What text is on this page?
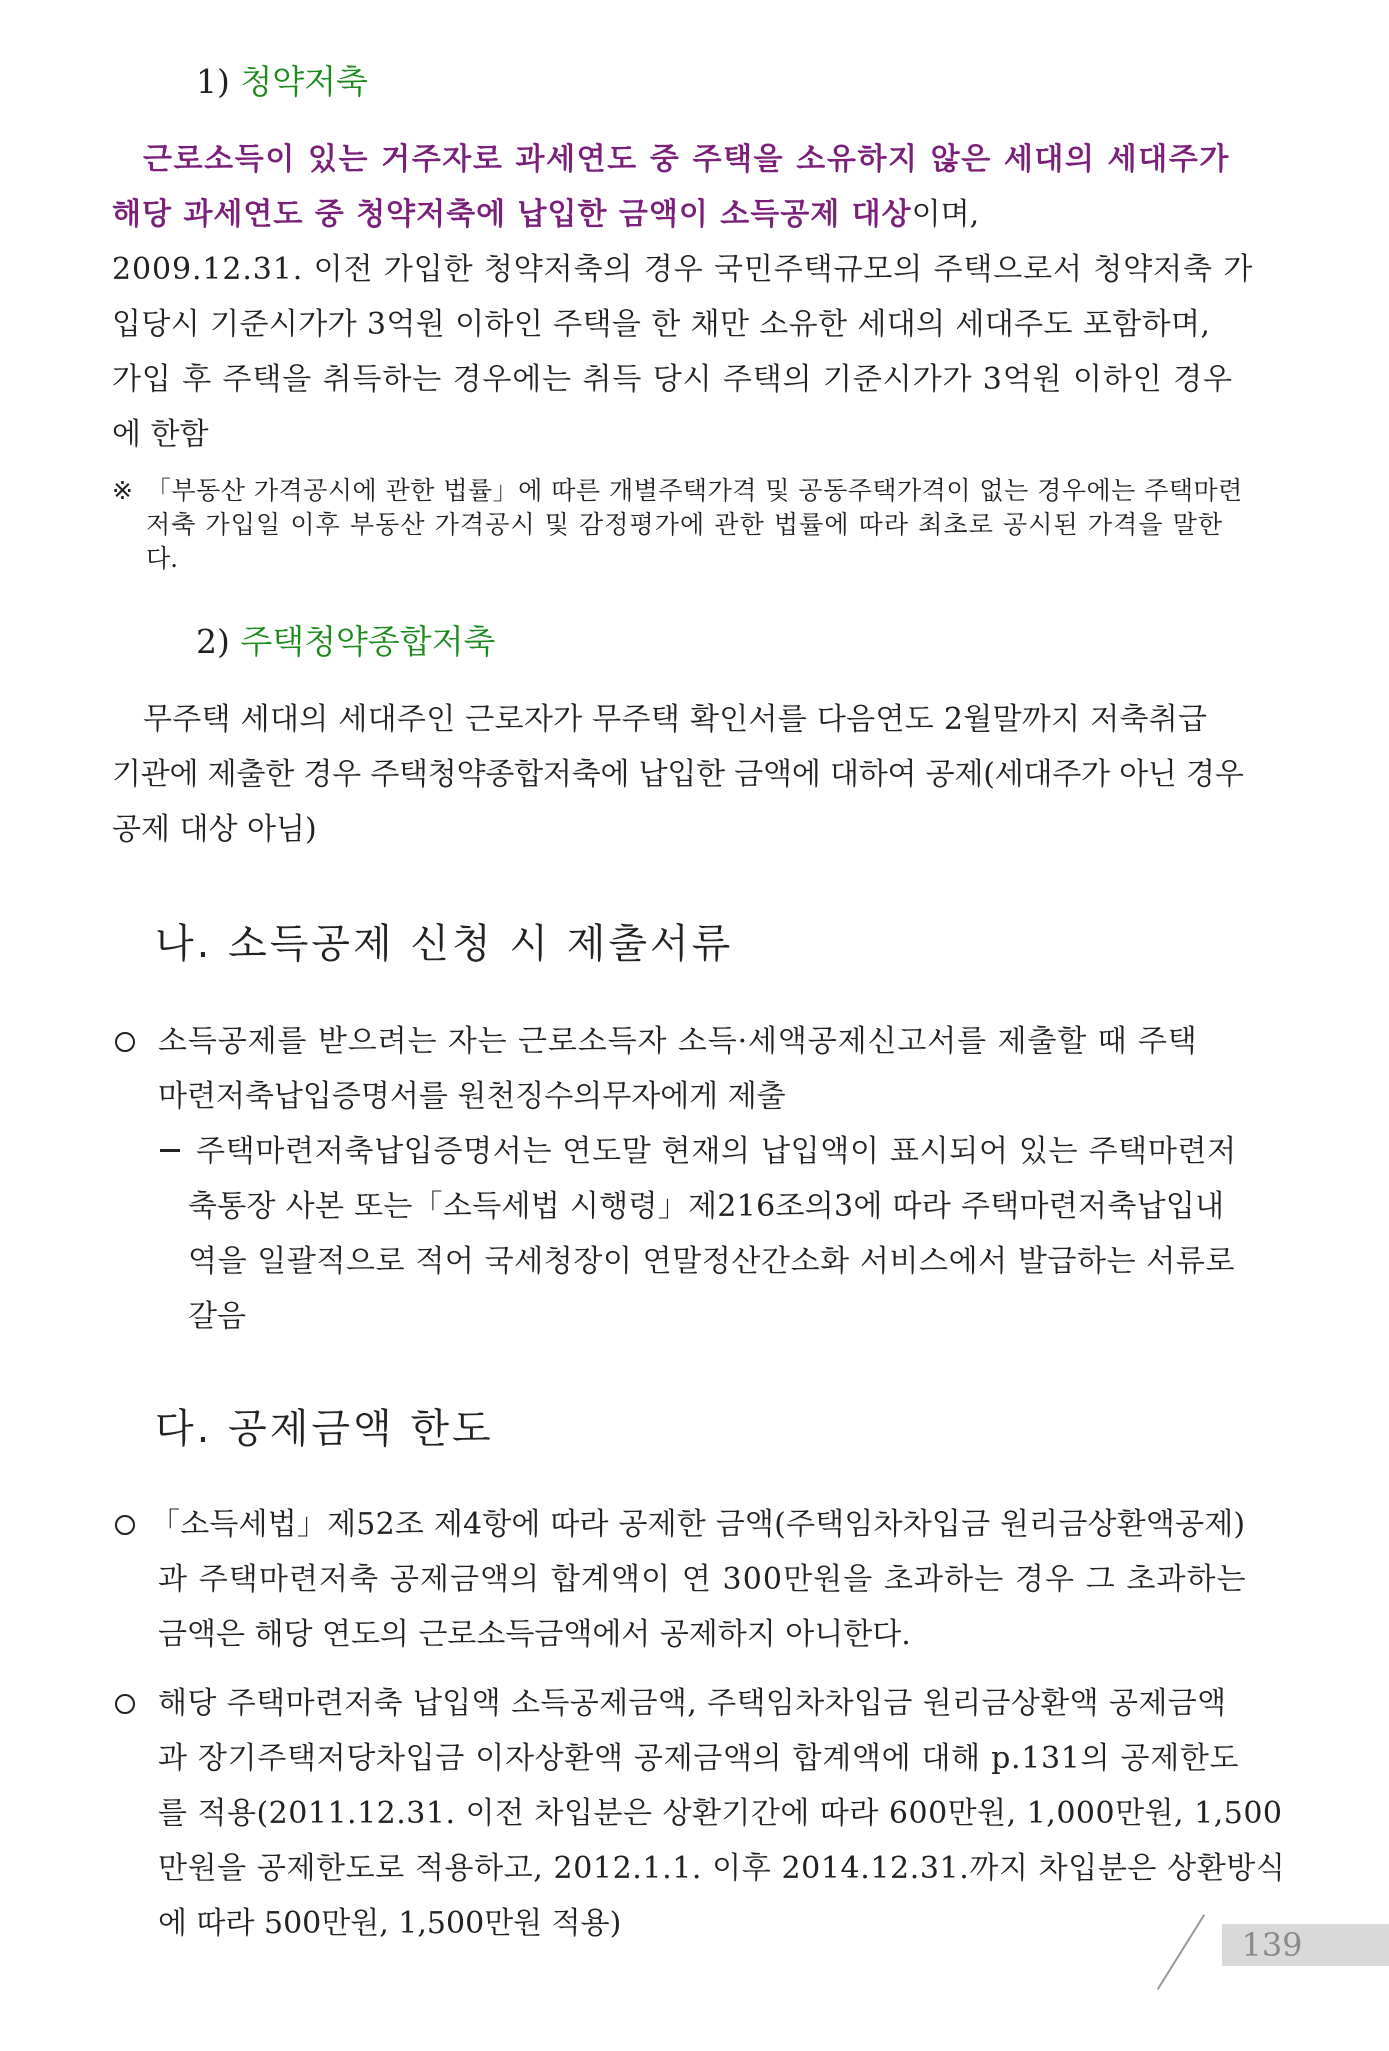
1) 청약저축
근로소득이 있는 거주자로 과세연도 중 주택을 소유하지 않은 세대의 세대주가
해당 과세연도 중 청약저축에 납입한 금액이 소득공제 대상이며,
2009.12.31. 이전 가입한 청약저축의 경우 국민주택규모의 주택으로서 청약저축 가
입당시 기준시가가 3억원 이하인 주택을 한 채만 소유한 세대의 세대주도 포함하며,
가입 후 주택을 취득하는 경우에는 취득 당시 주택의 기준시가가 3억원 이하인 경우
에 한함
※ 「부동산 가격공시에 관한 법률」에 따른 개별주택가격 및 공동주택가격이 없는 경우에는 주택마련
저축 가입일 이후 부동산 가격공시 및 감정평가에 관한 법률에 따라 최초로 공시된 가격을 말한
다.
2) 주택청약종합저축
무주택 세대의 세대주인 근로자가 무주택 확인서를 다음연도 2월말까지 저축취급
기관에 제출한 경우 주택청약종합저축에 납입한 금액에 대하여 공제(세대주가 아닌 경우
공제 대상 아님)
나. 소득공제 신청 시 제출서류
소득공제를 받으려는 자는 근로소득자 소득·세액공제신고서를 제출할 때 주택
마련저축납입증명서를 원천징수의무자에게 제출
주택마련저축납입증명서는 연도말 현재의 납입액이 표시되어 있는 주택마련저
축통장 사본 또는「소득세법 시행령」제216조의3에 따라 주택마련저축납입내
역을 일괄적으로 적어 국세청장이 연말정산간소화 서비스에서 발급하는 서류로
갈음
다. 공제금액 한도
「소득세법」제52조 제4항에 따라 공제한 금액(주택임차차입금 원리금상환액공제)
과 주택마련저축 공제금액의 합계액이 연 300만원을 초과하는 경우 그 초과하는
금액은 해당 연도의 근로소득금액에서 공제하지 아니한다.
해당 주택마련저축 납입액 소득공제금액, 주택임차차입금 원리금상환액 공제금액
과 장기주택저당차입금 이자상환액 공제금액의 합계액에 대해 p.131의 공제한도
를 적용(2011.12.31. 이전 차입분은 상환기간에 따라 600만원, 1,000만원, 1,500
만원을 공제한도로 적용하고, 2012.1.1. 이후 2014.12.31.까지 차입분은 상환방식
에 따라 500만원, 1,500만원 적용)
139
